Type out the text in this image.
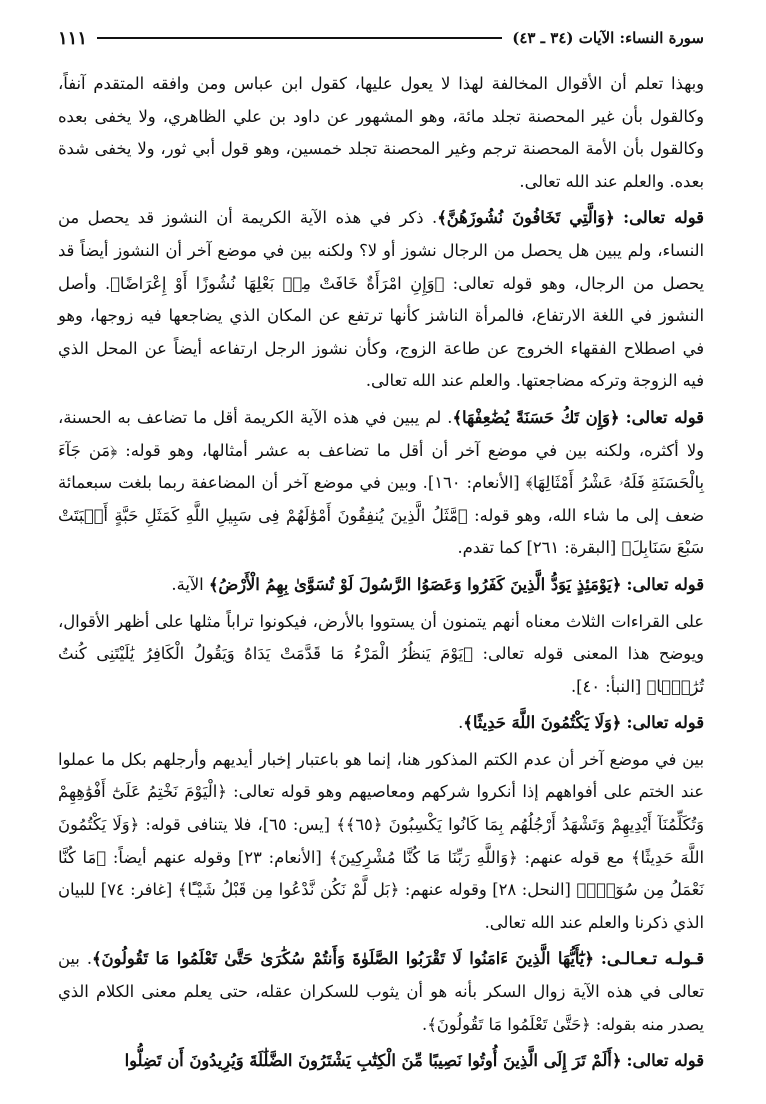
سورة النساء: الآيات (٣٤ ـ ٤٣)
١١١

وبهذا تعلم أن الأقوال المخالفة لهذا لا يعول عليها، كقول ابن عباس ومن وافقه المتقدم آنفاً، وكالقول بأن غير المحصنة تجلد مائة، وهو المشهور عن داود بن علي الظاهري، ولا يخفى بعده وكالقول بأن الأمة المحصنة ترجم وغير المحصنة تجلد خمسين، وهو قول أبي ثور، ولا يخفى شدة بعده. والعلم عند الله تعالى.

قوله تعالى: ﴿وَالَّتِي تَخَافُونَ نُشُوزَهُنَّ﴾. ذكر في هذه الآية الكريمة أن النشوز قد يحصل من النساء، ولم يبين هل يحصل من الرجال نشوز أو لا؟ ولكنه بين في موضع آخر أن النشوز أيضاً قد يحصل من الرجال، وهو قوله تعالى: ﴿وَإِنِ امْرَأَةٌ خَافَتْ مِنۢ بَعْلِهَا نُشُوزًا أَوْ إِعْرَاضًا﴾. وأصل النشوز في اللغة الارتفاع، فالمرأة الناشز كأنها ترتفع عن المكان الذي يضاجعها فيه زوجها، وهو في اصطلاح الفقهاء الخروج عن طاعة الزوج، وكأن نشوز الرجل ارتفاعه أيضاً عن المحل الذي فيه الزوجة وتركه مضاجعتها. والعلم عند الله تعالى.

قوله تعالى: ﴿وَإِن تَكُ حَسَنَةً يُضَٰعِفْهَا﴾. لم يبين في هذه الآية الكريمة أقل ما تضاعف به الحسنة، ولا أكثره، ولكنه بين في موضع آخر أن أقل ما تضاعف به عشر أمثالها، وهو قوله: ﴿مَن جَآءَ بِالْحَسَنَةِ فَلَهُۥ عَشْرُ أَمْثَالِهَا﴾ [الأنعام: ١٦٠]. وبين في موضع آخر أن المضاعفة ربما بلغت سبعمائة ضعف إلى ما شاء الله، وهو قوله: ﴿مَّثَلُ الَّذِينَ يُنفِقُونَ أَمْوَٰلَهُمْ فِى سَبِيلِ اللَّهِ كَمَثَلِ حَبَّةٍ أَنۢبَتَتْ سَبْعَ سَنَابِلَ﴾ [البقرة: ٢٦١] كما تقدم.

قوله تعالى: ﴿يَوْمَئِذٍ يَوَدُّ الَّذِينَ كَفَرُوا وَعَصَوُا الرَّسُولَ لَوْ تُسَوَّىٰ بِهِمُ الْأَرْضُ﴾ الآية.

على القراءات الثلاث معناه أنهم يتمنون أن يستووا بالأرض، فيكونوا تراباً مثلها على أظهر الأقوال، ويوضح هذا المعنى قوله تعالى: ﴿يَوْمَ يَنظُرُ الْمَرْءُ مَا قَدَّمَتْ يَدَاهُ وَيَقُولُ الْكَافِرُ يَٰلَيْتَنِى كُنتُ تُرَٰبًۢا﴾ [النبأ: ٤٠].

قوله تعالى: ﴿وَلَا يَكْتُمُونَ اللَّهَ حَدِيثًا﴾.

بين في موضع آخر أن عدم الكتم المذكور هنا، إنما هو باعتبار إخبار أيديهم وأرجلهم بكل ما عملوا عند الختم على أفواههم إذا أنكروا شركهم ومعاصيهم وهو قوله تعالى: ﴿الْيَوْمَ نَخْتِمُ عَلَىٰٓ أَفْوَٰهِهِمْ وَتُكَلِّمُنَآ أَيْدِيهِمْ وَتَشْهَدُ أَرْجُلُهُم بِمَا كَانُوا يَكْسِبُونَ ﴿٦٥﴾﴾ [يس: ٦٥]، فلا يتنافى قوله: ﴿وَلَا يَكْتُمُونَ اللَّهَ حَدِيثًا﴾ مع قوله عنهم: ﴿وَاللَّهِ رَبِّنَا مَا كُنَّا مُشْرِكِينَ﴾ [الأنعام: ٢٣] وقوله عنهم أيضاً: ﴿مَا كُنَّا نَعْمَلُ مِن سُوٓءٍۭ﴾ [النحل: ٢٨] وقوله عنهم: ﴿بَل لَّمْ نَكُن نَّدْعُوا مِن قَبْلُ شَيْـًٔا﴾ [غافر: ٧٤] للبيان الذي ذكرنا والعلم عند الله تعالى.

قـولـه تـعـالـى: ﴿يَٰٓأَيُّهَا الَّذِينَ ءَامَنُوا لَا تَقْرَبُوا الصَّلَوٰةَ وَأَنتُمْ سُكَٰرَىٰ حَتَّىٰ تَعْلَمُوا مَا تَقُولُونَ﴾. بين تعالى في هذه الآية زوال السكر بأنه هو أن يثوب للسكران عقله، حتى يعلم معنى الكلام الذي يصدر منه بقوله: ﴿حَتَّىٰ تَعْلَمُوا مَا تَقُولُونَ﴾.

قوله تعالى: ﴿أَلَمْ تَرَ إِلَى الَّذِينَ أُوتُوا نَصِيبًا مِّنَ الْكِتَٰبِ يَشْتَرُونَ الضَّلَٰلَةَ وَيُرِيدُونَ أَن تَضِلُّوا
